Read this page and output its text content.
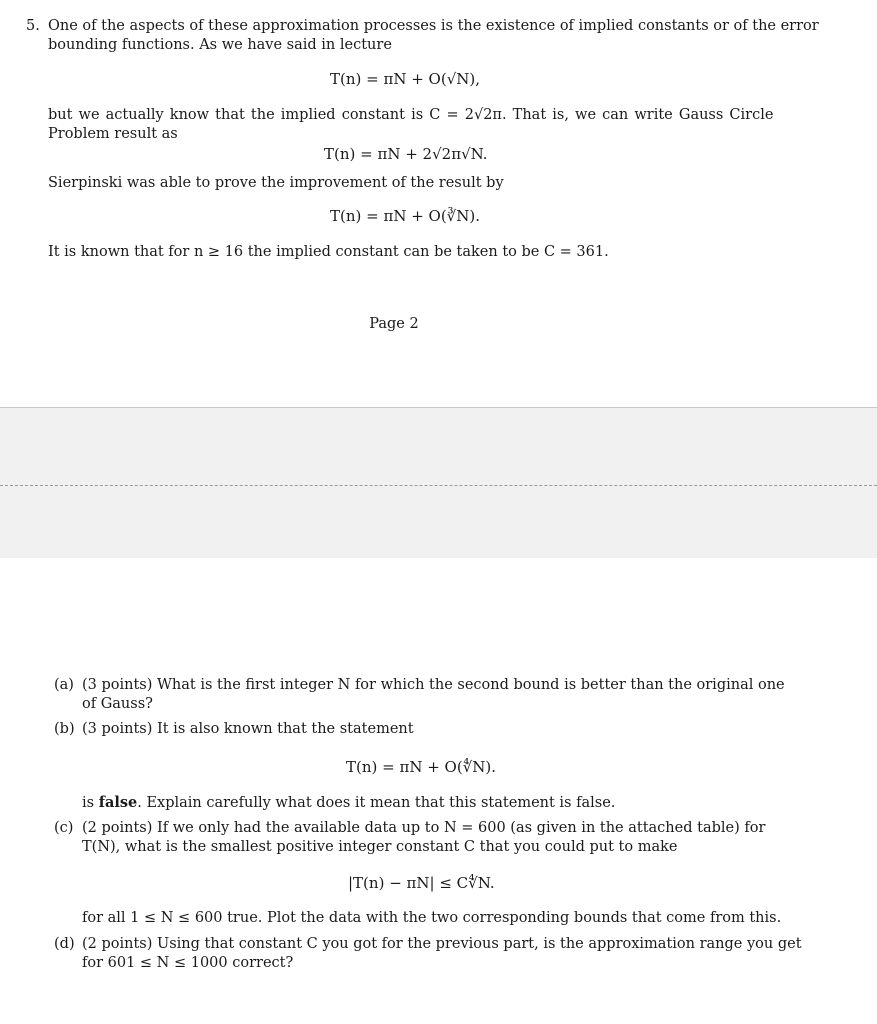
5. One of the aspects of these approximation processes is the existence of implied constants or of the error
bounding functions. As we have said in lecture
T(n) = πN + O(√N),
but we actually know that the implied constant is C = 2√2π. That is, we can write Gauss Circle
Problem result as
T(n) = πN + 2√2π√N.
Sierpinski was able to prove the improvement of the result by
T(n) = πN + O(∛N).
It is known that for n ≥ 16 the implied constant can be taken to be C = 361.
Page 2
(a) (3 points) What is the first integer N for which the second bound is better than the original one
of Gauss?
(b) (3 points) It is also known that the statement
T(n) = πN + O(∜N).
is false. Explain carefully what does it mean that this statement is false.
(c) (2 points) If we only had the available data up to N = 600 (as given in the attached table) for
T(N), what is the smallest positive integer constant C that you could put to make
|T(n) − πN| ≤ C∜N.
for all 1 ≤ N ≤ 600 true. Plot the data with the two corresponding bounds that come from this.
(d) (2 points) Using that constant C you got for the previous part, is the approximation range you get
for 601 ≤ N ≤ 1000 correct?
